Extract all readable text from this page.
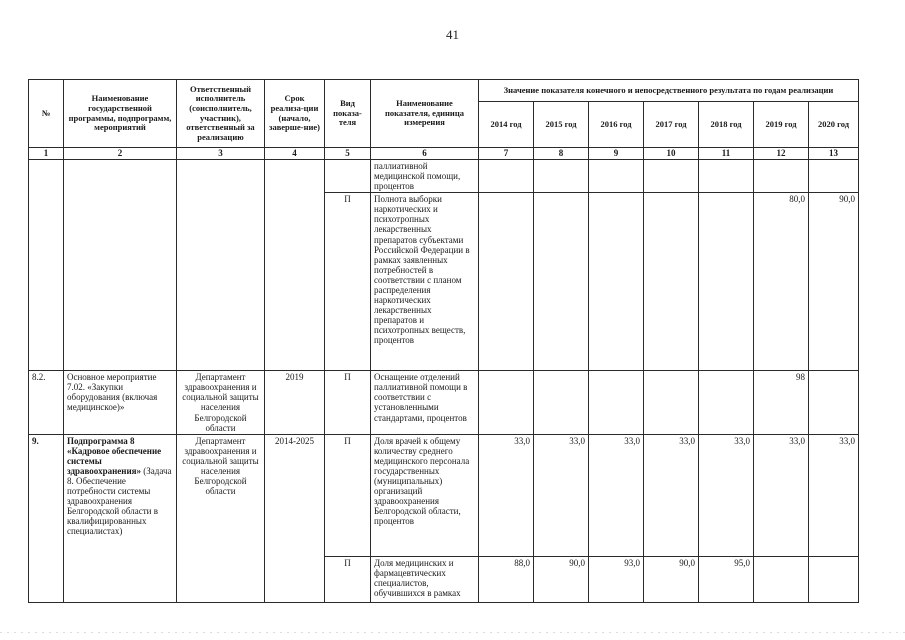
41
№	Наименование государственной программы, подпрограмм, мероприятий	Ответственный исполнитель (соисполнитель, участник), ответственный за реализацию	Срок реализа-ции (начало, заверше-ние)	Вид показа-теля	Наименование показателя, единица измерения	Значение показателя конечного и непосредственного результата по годам реализации						
						2014 год	2015 год	2016 год	2017 год	2018 год	2019 год	2020 год
1	2	3	4	5	6	7	8	9	10	11	12	13
					паллиативной медицинской помощи, процентов							
				П	Полнота выборки наркотических и психотропных лекарственных препаратов субъектами Российской Федерации в рамках заявленных потребностей в соответствии с планом распределения наркотических лекарственных препаратов и психотропных веществ, процентов						80,0	90,0
8.2.	Основное мероприятие 7.02. «Закупки оборудования (включая медицинское)»	Департамент здравоохранения и социальной защиты населения Белгородской области	2019	П	Оснащение отделений паллиативной помощи в соответствии с установленными стандартами, процентов						98	
9.	Подпрограмма 8 «Кадровое обеспечение системы здравоохранения» (Задача 8. Обеспечение потребности системы здравоохранения Белгородской области в квалифицированных специалистах)	Департамент здравоохранения и социальной защиты населения Белгородской области	2014-2025	П	Доля врачей к общему количеству среднего медицинского персонала государственных (муниципальных) организаций здравоохранения Белгородской области, процентов	33,0	33,0	33,0	33,0	33,0	33,0	33,0
				П	Доля медицинских и фармацевтических специалистов, обучившихся в рамках	88,0	90,0	93,0	90,0	95,0		
